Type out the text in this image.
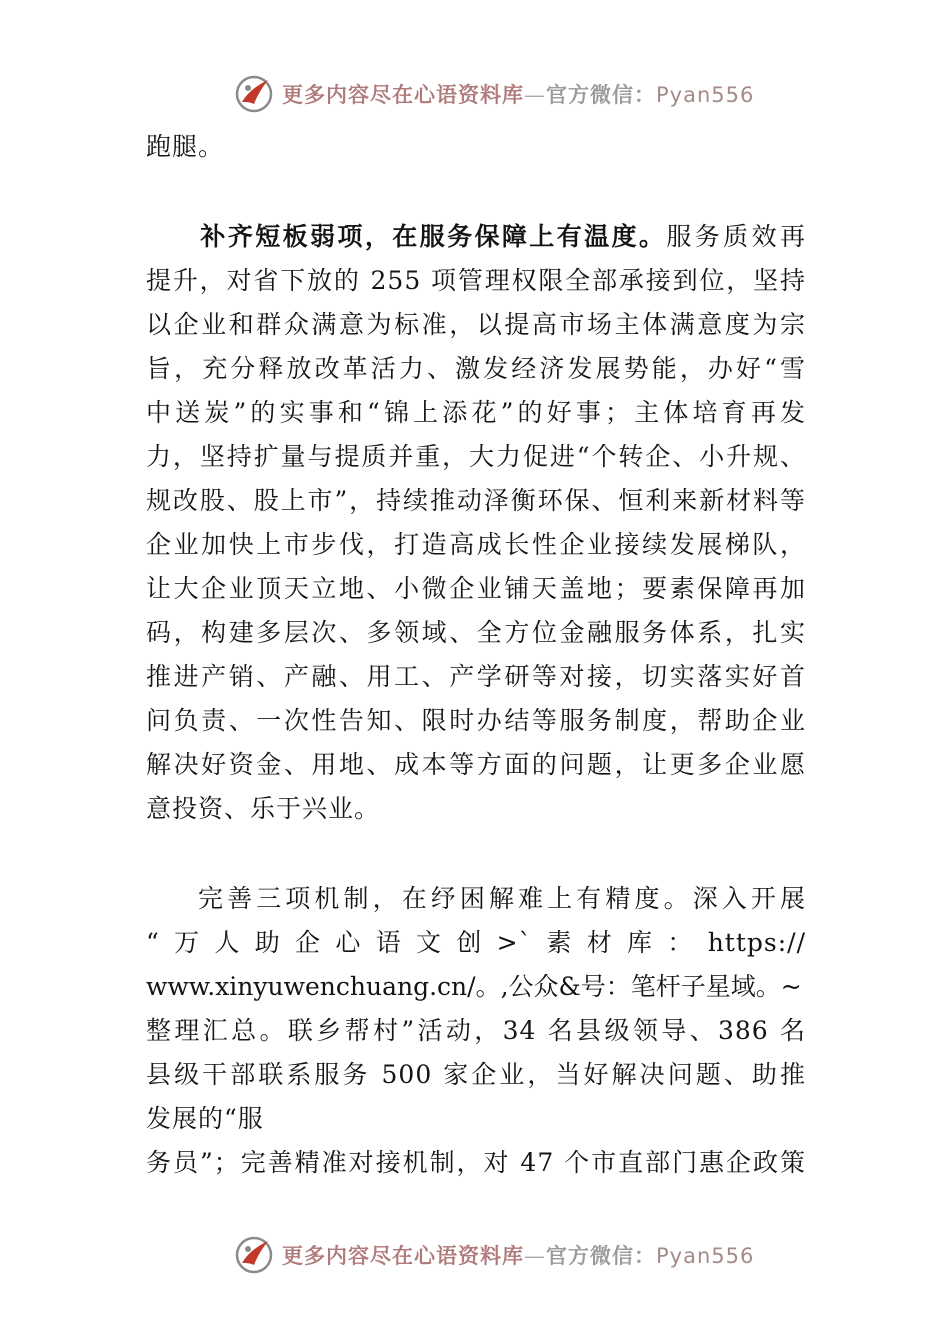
更多内容尽在心语资料库—官方微信：Pyan556
跑腿。
补齐短板弱项，在服务保障上有温度。服务质效再
提升，对省下放的 255 项管理权限全部承接到位，坚持
以企业和群众满意为标准，以提高市场主体满意度为宗
旨，充分释放改革活力、激发经济发展势能，办好“雪
中送炭”的实事和“锦上添花”的好事；主体培育再发
力，坚持扩量与提质并重，大力促进“个转企、小升规、
规改股、股上市”，持续推动泽衡环保、恒利来新材料等
企业加快上市步伐，打造高成长性企业接续发展梯队，
让大企业顶天立地、小微企业铺天盖地；要素保障再加
码，构建多层次、多领域、全方位金融服务体系，扎实
推进产销、产融、用工、产学研等对接，切实落实好首
问负责、一次性告知、限时办结等服务制度，帮助企业
解决好资金、用地、成本等方面的问题，让更多企业愿
意投资、乐于兴业。
完善三项机制，在纾困解难上有精度。深入开展
“万人助企心语文创>`素材库：https://
www.xinyuwenchuang.cn/。,公众&号：笔杆子星域。~
整理汇总。联乡帮村”活动，34 名县级领导、386 名
县级干部联系服务 500 家企业，当好解决问题、助推
发展的“服
务员”；完善精准对接机制，对 47 个市直部门惠企政策
更多内容尽在心语资料库—官方微信：Pyan556
